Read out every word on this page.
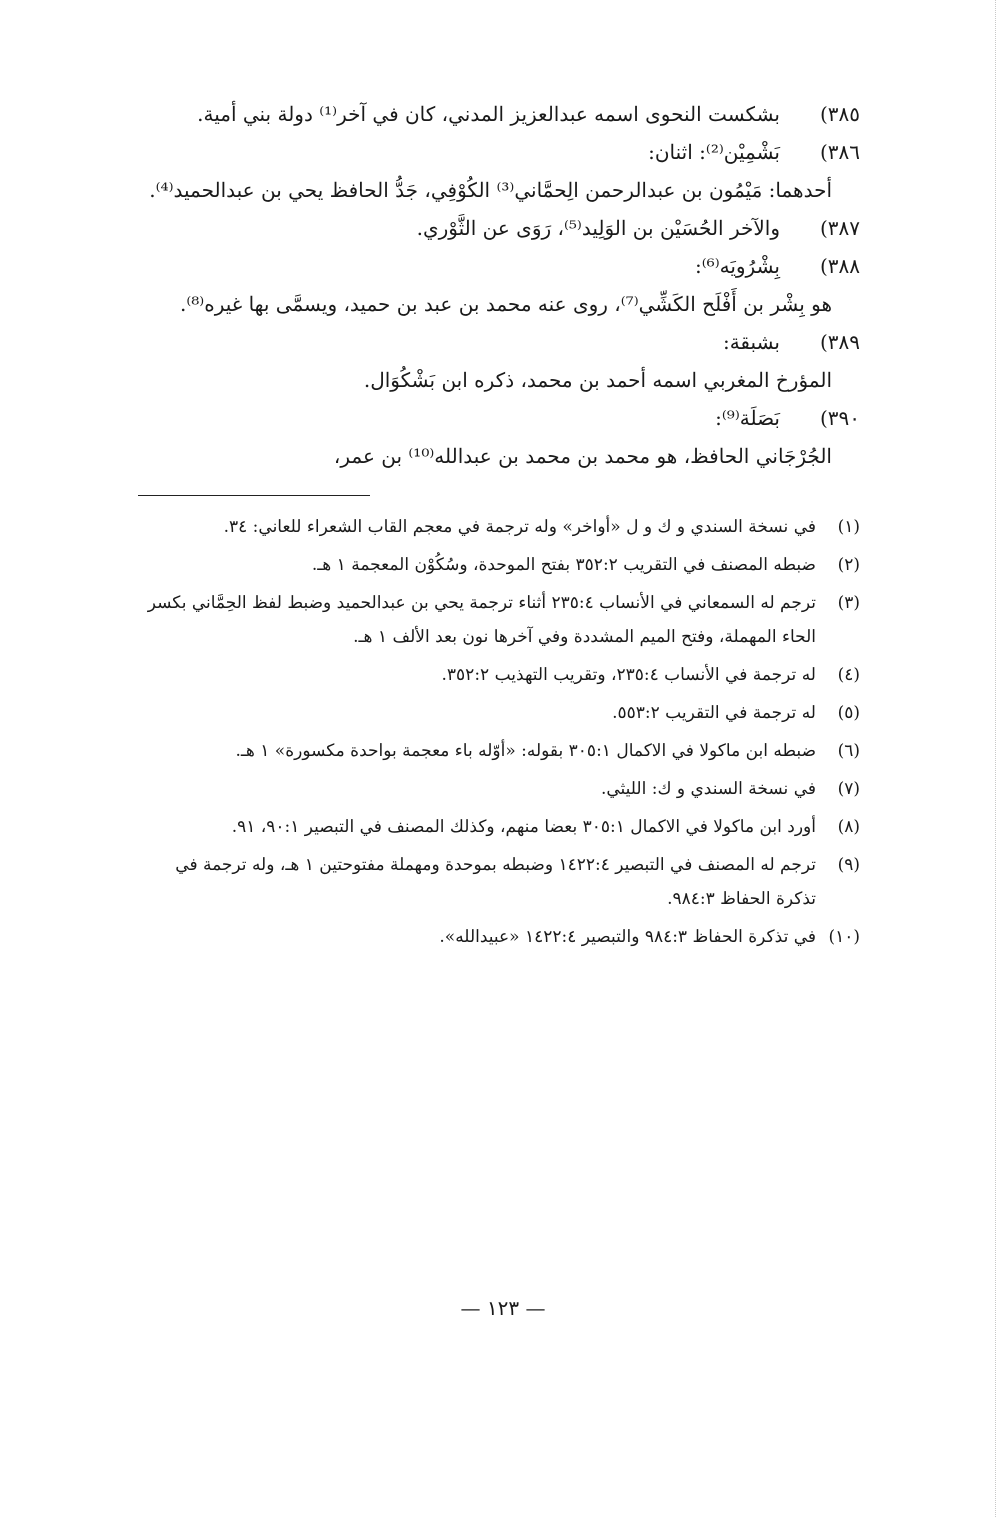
٣٨٥)
بشكست النحوى اسمه عبدالعزيز المدني، كان في آخر⁽¹⁾ دولة بني أمية.
٣٨٦)
بَشْمِيْن⁽²⁾: اثنان:
أحدهما: مَيْمُون بن عبدالرحمن الِحمَّاني⁽³⁾ الكُوْفِي، جَدُّ الحافظ يحي بن عبدالحميد⁽⁴⁾.
٣٨٧)
والآخر الحُسَيْن بن الوَلِيد⁽⁵⁾، رَوَى عن الثَّوْري.
٣٨٨)
بِشْرُويَه⁽⁶⁾:
هو بِشْر بن أَفْلَح الكَشِّي⁽⁷⁾، روى عنه محمد بن عبد بن حميد، ويسمَّى بها غيره⁽⁸⁾.
٣٨٩)
بشبقة:
المؤرخ المغربي اسمه أحمد بن محمد، ذكره ابن بَشْكُوَال.
٣٩٠)
بَصَلَة⁽⁹⁾:
الجُرْجَاني الحافظ، هو محمد بن محمد بن عبدالله⁽¹⁰⁾ بن عمر،
(١)
في نسخة السندي و ك و ل «أواخر» وله ترجمة في معجم القاب الشعراء للعاني: ٣٤.
(٢)
ضبطه المصنف في التقريب ٣٥٢:٢ بفتح الموحدة، وسُكُوْن المعجمة ١ هـ.
(٣)
ترجم له السمعاني في الأنساب ٢٣٥:٤ أثناء ترجمة يحي بن عبدالحميد وضبط لفظ الحِمَّاني بكسر الحاء المهملة، وفتح الميم المشددة وفي آخرها نون بعد الألف ١ هـ.
(٤)
له ترجمة في الأنساب ٢٣٥:٤، وتقريب التهذيب ٣٥٢:٢.
(٥)
له ترجمة في التقريب ٥٥٣:٢.
(٦)
ضبطه ابن ماكولا في الاكمال ٣٠٥:١ بقوله: «أوّله باء معجمة بواحدة مكسورة» ١ هـ.
(٧)
في نسخة السندي و ك: الليثي.
(٨)
أورد ابن ماكولا في الاكمال ٣٠٥:١ بعضا منهم، وكذلك المصنف في التبصير ٩٠:١، ٩١.
(٩)
ترجم له المصنف في التبصير ١٤٢٢:٤ وضبطه بموحدة ومهملة مفتوحتين ١ هـ، وله ترجمة في تذكرة الحفاظ ٩٨٤:٣.
(١٠)
في تذكرة الحفاظ ٩٨٤:٣ والتبصير ١٤٢٢:٤ «عبيدالله».
— ١٢٣ —
